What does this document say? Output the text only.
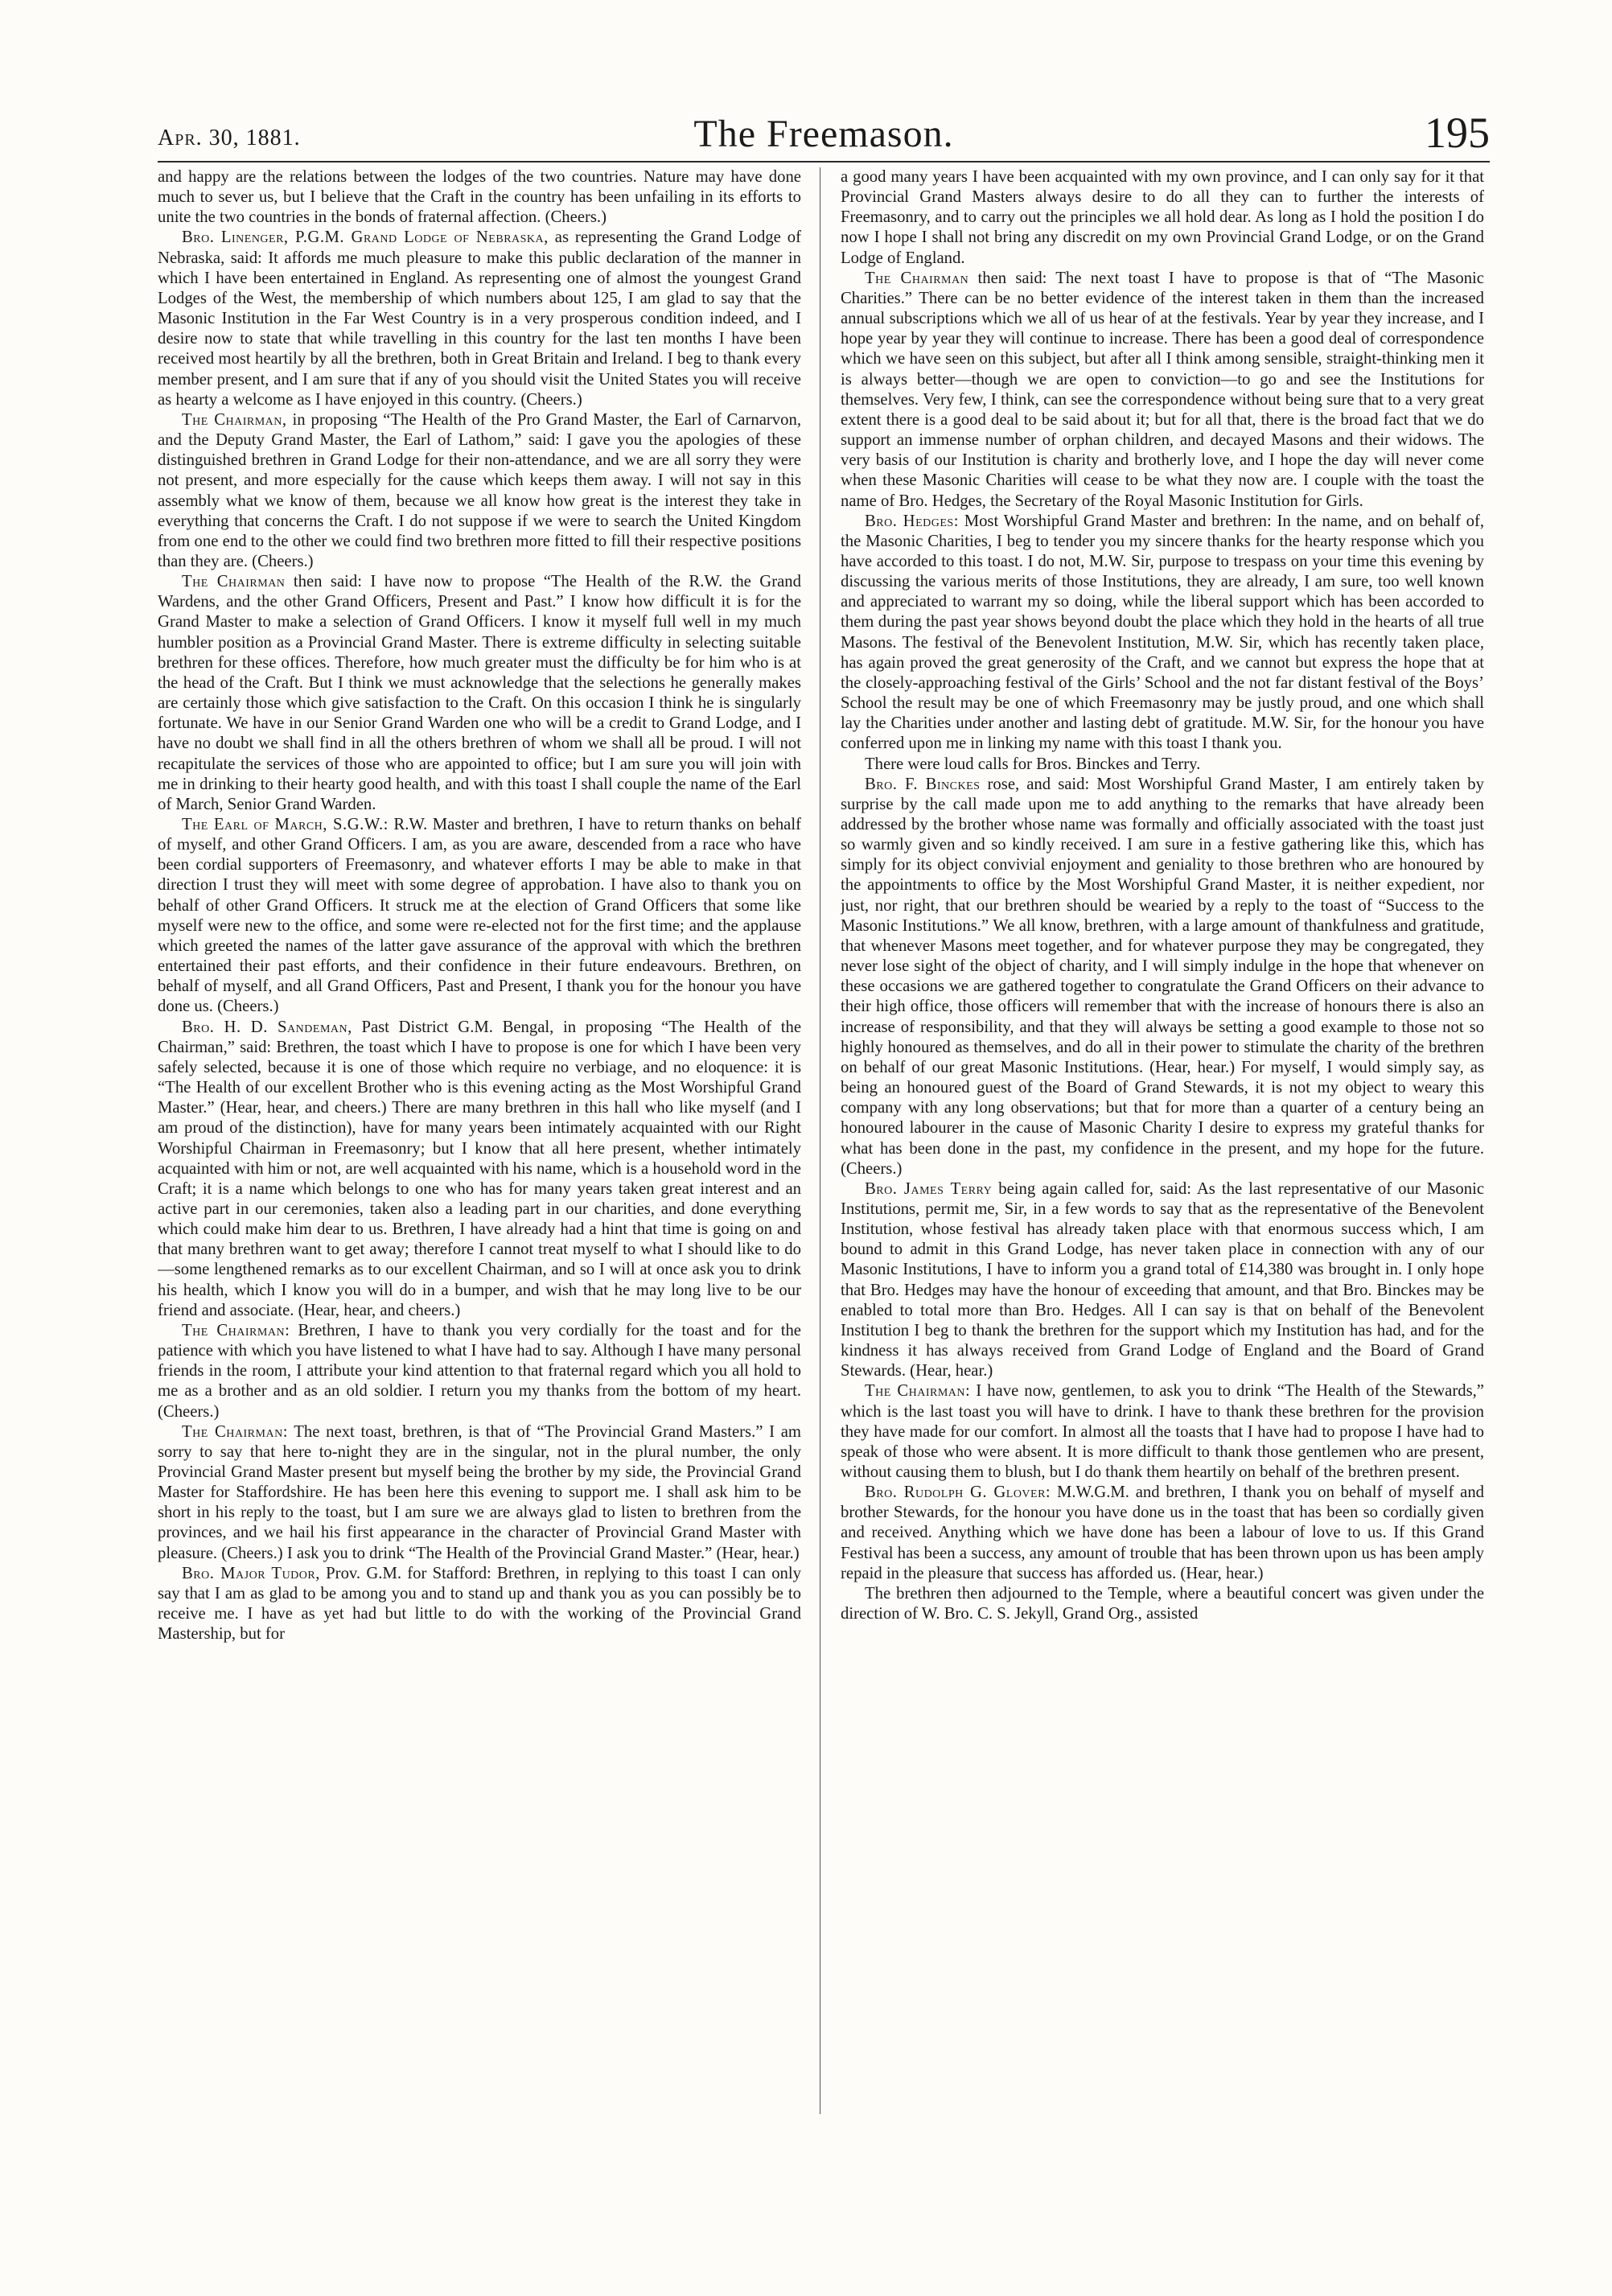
Apr. 30, 1881.	The Freemason.	195

and happy are the relations between the lodges of the two countries. Nature may have done much to sever us, but I believe that the Craft in the country has been unfailing in its efforts to unite the two countries in the bonds of fraternal affection. (Cheers.)

Bro. Linenger, P.G.M. Grand Lodge of Nebraska, as representing the Grand Lodge of Nebraska, said: It affords me much pleasure to make this public declaration of the manner in which I have been entertained in England. As representing one of almost the youngest Grand Lodges of the West, the membership of which numbers about 125, I am glad to say that the Masonic Institution in the Far West Country is in a very prosperous condition indeed, and I desire now to state that while travelling in this country for the last ten months I have been received most heartily by all the brethren, both in Great Britain and Ireland. I beg to thank every member present, and I am sure that if any of you should visit the United States you will receive as hearty a welcome as I have enjoyed in this country. (Cheers.)

The Chairman, in proposing “The Health of the Pro Grand Master, the Earl of Carnarvon, and the Deputy Grand Master, the Earl of Lathom,” said: I gave you the apologies of these distinguished brethren in Grand Lodge for their non-attendance, and we are all sorry they were not present, and more especially for the cause which keeps them away. I will not say in this assembly what we know of them, because we all know how great is the interest they take in everything that concerns the Craft. I do not suppose if we were to search the United Kingdom from one end to the other we could find two brethren more fitted to fill their respective positions than they are. (Cheers.)

The Chairman then said: I have now to propose “The Health of the R.W. the Grand Wardens, and the other Grand Officers, Present and Past.” I know how difficult it is for the Grand Master to make a selection of Grand Officers. I know it myself full well in my much humbler position as a Provincial Grand Master. There is extreme difficulty in selecting suitable brethren for these offices. Therefore, how much greater must the difficulty be for him who is at the head of the Craft. But I think we must acknowledge that the selections he generally makes are certainly those which give satisfaction to the Craft. On this occasion I think he is singularly fortunate. We have in our Senior Grand Warden one who will be a credit to Grand Lodge, and I have no doubt we shall find in all the others brethren of whom we shall all be proud. I will not recapitulate the services of those who are appointed to office; but I am sure you will join with me in drinking to their hearty good health, and with this toast I shall couple the name of the Earl of March, Senior Grand Warden.

The Earl of March, S.G.W.: R.W. Master and brethren, I have to return thanks on behalf of myself, and other Grand Officers. I am, as you are aware, descended from a race who have been cordial supporters of Freemasonry, and whatever efforts I may be able to make in that direction I trust they will meet with some degree of approbation. I have also to thank you on behalf of other Grand Officers. It struck me at the election of Grand Officers that some like myself were new to the office, and some were re-elected not for the first time; and the applause which greeted the names of the latter gave assurance of the approval with which the brethren entertained their past efforts, and their confidence in their future endeavours. Brethren, on behalf of myself, and all Grand Officers, Past and Present, I thank you for the honour you have done us. (Cheers.)

Bro. H. D. Sandeman, Past District G.M. Bengal, in proposing “The Health of the Chairman,” said: Brethren, the toast which I have to propose is one for which I have been very safely selected, because it is one of those which require no verbiage, and no eloquence: it is “The Health of our excellent Brother who is this evening acting as the Most Worshipful Grand Master.” (Hear, hear, and cheers.) There are many brethren in this hall who like myself (and I am proud of the distinction), have for many years been intimately acquainted with our Right Worshipful Chairman in Freemasonry; but I know that all here present, whether intimately acquainted with him or not, are well acquainted with his name, which is a household word in the Craft; it is a name which belongs to one who has for many years taken great interest and an active part in our ceremonies, taken also a leading part in our charities, and done everything which could make him dear to us. Brethren, I have already had a hint that time is going on and that many brethren want to get away; therefore I cannot treat myself to what I should like to do—some lengthened remarks as to our excellent Chairman, and so I will at once ask you to drink his health, which I know you will do in a bumper, and wish that he may long live to be our friend and associate. (Hear, hear, and cheers.)

The Chairman: Brethren, I have to thank you very cordially for the toast and for the patience with which you have listened to what I have had to say. Although I have many personal friends in the room, I attribute your kind attention to that fraternal regard which you all hold to me as a brother and as an old soldier. I return you my thanks from the bottom of my heart. (Cheers.)

The Chairman: The next toast, brethren, is that of “The Provincial Grand Masters.” I am sorry to say that here to-night they are in the singular, not in the plural number, the only Provincial Grand Master present but myself being the brother by my side, the Provincial Grand Master for Staffordshire. He has been here this evening to support me. I shall ask him to be short in his reply to the toast, but I am sure we are always glad to listen to brethren from the provinces, and we hail his first appearance in the character of Provincial Grand Master with pleasure. (Cheers.) I ask you to drink “The Health of the Provincial Grand Master.” (Hear, hear.)

Bro. Major Tudor, Prov. G.M. for Stafford: Brethren, in replying to this toast I can only say that I am as glad to be among you and to stand up and thank you as you can possibly be to receive me. I have as yet had but little to do with the working of the Provincial Grand Mastership, but for

a good many years I have been acquainted with my own province, and I can only say for it that Provincial Grand Masters always desire to do all they can to further the interests of Freemasonry, and to carry out the principles we all hold dear. As long as I hold the position I do now I hope I shall not bring any discredit on my own Provincial Grand Lodge, or on the Grand Lodge of England.

The Chairman then said: The next toast I have to propose is that of “The Masonic Charities.” There can be no better evidence of the interest taken in them than the increased annual subscriptions which we all of us hear of at the festivals. Year by year they increase, and I hope year by year they will continue to increase. There has been a good deal of correspondence which we have seen on this subject, but after all I think among sensible, straight-thinking men it is always better—though we are open to conviction—to go and see the Institutions for themselves. Very few, I think, can see the correspondence without being sure that to a very great extent there is a good deal to be said about it; but for all that, there is the broad fact that we do support an immense number of orphan children, and decayed Masons and their widows. The very basis of our Institution is charity and brotherly love, and I hope the day will never come when these Masonic Charities will cease to be what they now are. I couple with the toast the name of Bro. Hedges, the Secretary of the Royal Masonic Institution for Girls.

Bro. Hedges: Most Worshipful Grand Master and brethren: In the name, and on behalf of, the Masonic Charities, I beg to tender you my sincere thanks for the hearty response which you have accorded to this toast. I do not, M.W. Sir, purpose to trespass on your time this evening by discussing the various merits of those Institutions, they are already, I am sure, too well known and appreciated to warrant my so doing, while the liberal support which has been accorded to them during the past year shows beyond doubt the place which they hold in the hearts of all true Masons. The festival of the Benevolent Institution, M.W. Sir, which has recently taken place, has again proved the great generosity of the Craft, and we cannot but express the hope that at the closely-approaching festival of the Girls’ School and the not far distant festival of the Boys’ School the result may be one of which Freemasonry may be justly proud, and one which shall lay the Charities under another and lasting debt of gratitude. M.W. Sir, for the honour you have conferred upon me in linking my name with this toast I thank you.

There were loud calls for Bros. Binckes and Terry.

Bro. F. Binckes rose, and said: Most Worshipful Grand Master, I am entirely taken by surprise by the call made upon me to add anything to the remarks that have already been addressed by the brother whose name was formally and officially associated with the toast just so warmly given and so kindly received. I am sure in a festive gathering like this, which has simply for its object convivial enjoyment and geniality to those brethren who are honoured by the appointments to office by the Most Worshipful Grand Master, it is neither expedient, nor just, nor right, that our brethren should be wearied by a reply to the toast of “Success to the Masonic Institutions.” We all know, brethren, with a large amount of thankfulness and gratitude, that whenever Masons meet together, and for whatever purpose they may be congregated, they never lose sight of the object of charity, and I will simply indulge in the hope that whenever on these occasions we are gathered together to congratulate the Grand Officers on their advance to their high office, those officers will remember that with the increase of honours there is also an increase of responsibility, and that they will always be setting a good example to those not so highly honoured as themselves, and do all in their power to stimulate the charity of the brethren on behalf of our great Masonic Institutions. (Hear, hear.) For myself, I would simply say, as being an honoured guest of the Board of Grand Stewards, it is not my object to weary this company with any long observations; but that for more than a quarter of a century being an honoured labourer in the cause of Masonic Charity I desire to express my grateful thanks for what has been done in the past, my confidence in the present, and my hope for the future. (Cheers.)

Bro. James Terry being again called for, said: As the last representative of our Masonic Institutions, permit me, Sir, in a few words to say that as the representative of the Benevolent Institution, whose festival has already taken place with that enormous success which, I am bound to admit in this Grand Lodge, has never taken place in connection with any of our Masonic Institutions, I have to inform you a grand total of £14,380 was brought in. I only hope that Bro. Hedges may have the honour of exceeding that amount, and that Bro. Binckes may be enabled to total more than Bro. Hedges. All I can say is that on behalf of the Benevolent Institution I beg to thank the brethren for the support which my Institution has had, and for the kindness it has always received from Grand Lodge of England and the Board of Grand Stewards. (Hear, hear.)

The Chairman: I have now, gentlemen, to ask you to drink “The Health of the Stewards,” which is the last toast you will have to drink. I have to thank these brethren for the provision they have made for our comfort. In almost all the toasts that I have had to propose I have had to speak of those who were absent. It is more difficult to thank those gentlemen who are present, without causing them to blush, but I do thank them heartily on behalf of the brethren present.

Bro. Rudolph G. Glover: M.W.G.M. and brethren, I thank you on behalf of myself and brother Stewards, for the honour you have done us in the toast that has been so cordially given and received. Anything which we have done has been a labour of love to us. If this Grand Festival has been a success, any amount of trouble that has been thrown upon us has been amply repaid in the pleasure that success has afforded us. (Hear, hear.)

The brethren then adjourned to the Temple, where a beautiful concert was given under the direction of W. Bro. C. S. Jekyll, Grand Org., assisted
